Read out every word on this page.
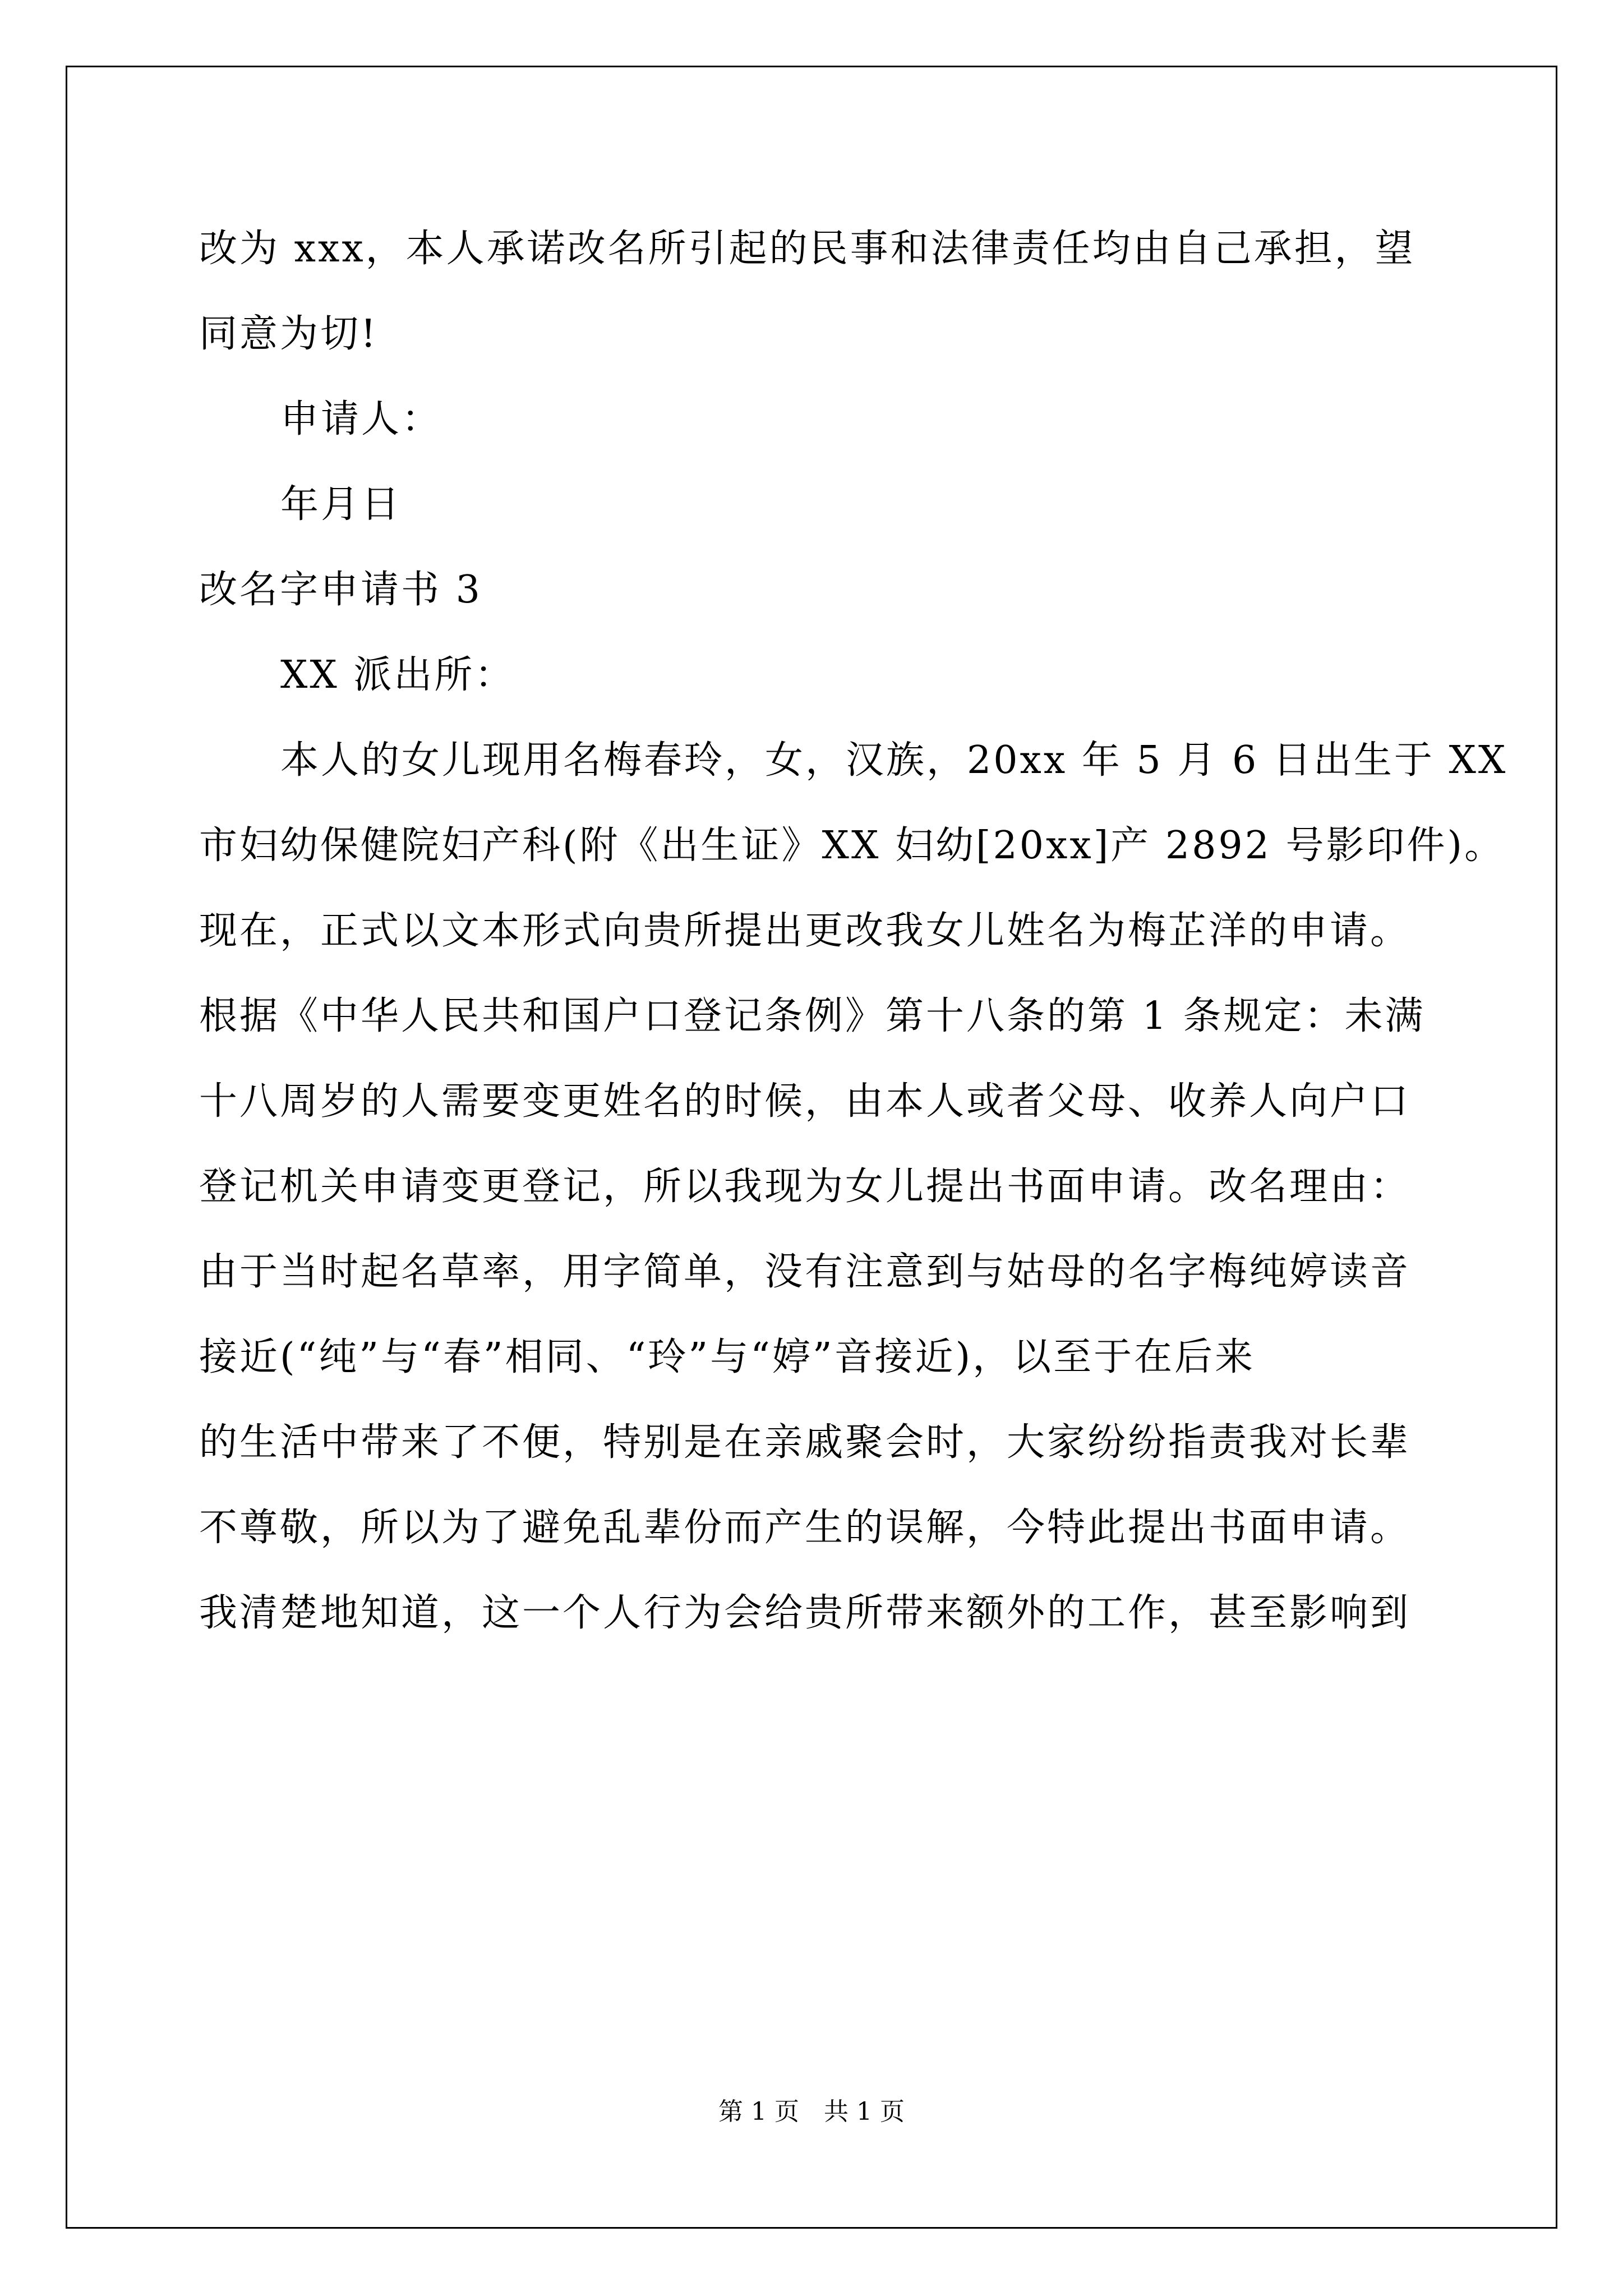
改为 xxx，本人承诺改名所引起的民事和法律责任均由自己承担，望
同意为切!
申请人：
年月日
改名字申请书 3
XX 派出所：
本人的女儿现用名梅春玲，女，汉族，20xx 年 5 月 6 日出生于 XX
市妇幼保健院妇产科(附《出生证》XX 妇幼[20xx]产 2892 号影印件)。
现在，正式以文本形式向贵所提出更改我女儿姓名为梅芷洋的申请。
根据《中华人民共和国户口登记条例》第十八条的第 1 条规定：未满
十八周岁的人需要变更姓名的时候，由本人或者父母、收养人向户口
登记机关申请变更登记，所以我现为女儿提出书面申请。改名理由：
由于当时起名草率，用字简单，没有注意到与姑母的名字梅纯婷读音
接近(“纯”与“春”相同、“玲”与“婷”音接近)，以至于在后来
的生活中带来了不便，特别是在亲戚聚会时，大家纷纷指责我对长辈
不尊敬，所以为了避免乱辈份而产生的误解，今特此提出书面申请。
我清楚地知道，这一个人行为会给贵所带来额外的工作，甚至影响到
第 1 页　共 1 页
